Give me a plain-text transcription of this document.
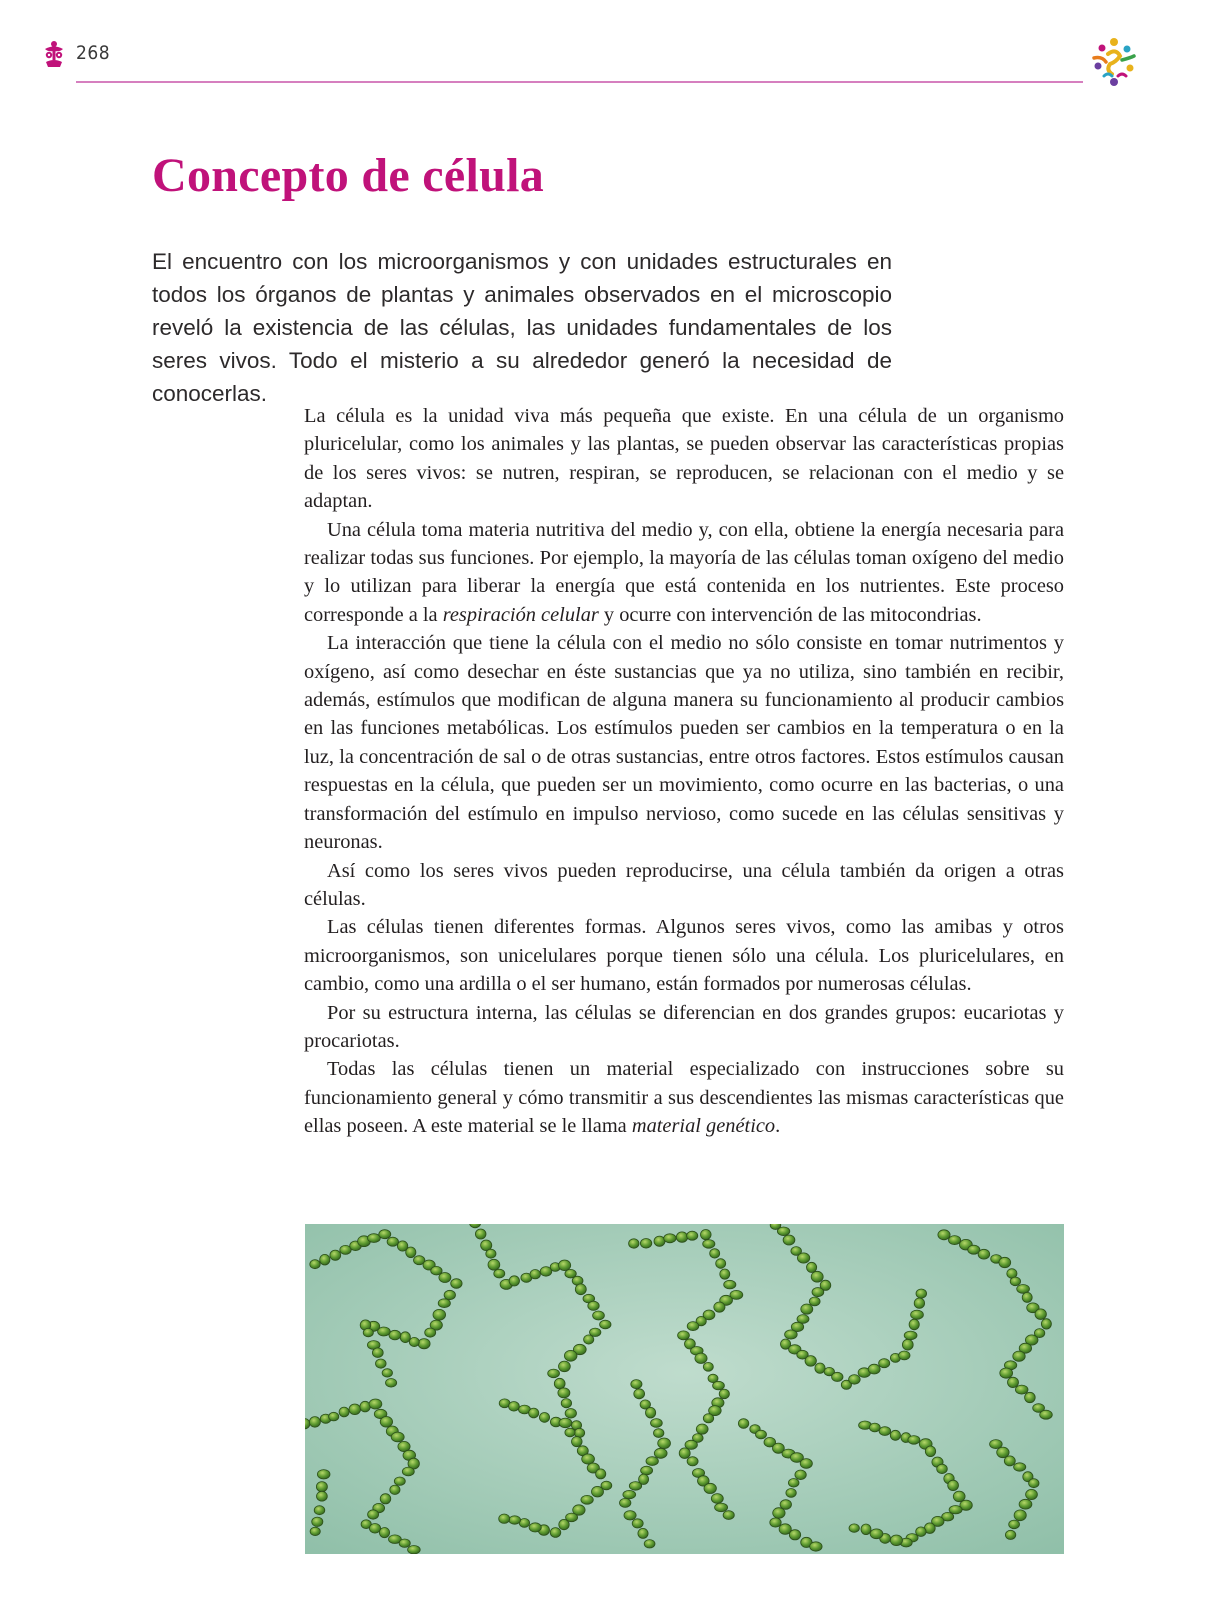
268
Concepto de célula

El encuentro con los microorganismos y con unidades estructurales en todos los órganos de plantas y animales observados en el microscopio reveló la existencia de las células, las unidades fundamentales de los seres vivos. Todo el misterio a su alrededor generó la necesidad de conocerlas.

La célula es la unidad viva más pequeña que existe. En una célula de un organismo pluricelular, como los animales y las plantas, se pueden observar las características propias de los seres vivos: se nutren, respiran, se reproducen, se relacionan con el medio y se adaptan.

Una célula toma materia nutritiva del medio y, con ella, obtiene la energía necesaria para realizar todas sus funciones. Por ejemplo, la mayoría de las células toman oxígeno del medio y lo utilizan para liberar la energía que está contenida en los nutrientes. Este proceso corresponde a la respiración celular y ocurre con intervención de las mitocondrias.

La interacción que tiene la célula con el medio no sólo consiste en tomar nutrimentos y oxígeno, así como desechar en éste sustancias que ya no utiliza, sino también en recibir, además, estímulos que modifican de alguna manera su funcionamiento al producir cambios en las funciones metabólicas. Los estímulos pueden ser cambios en la temperatura o en la luz, la concentración de sal o de otras sustancias, entre otros factores. Estos estímulos causan respuestas en la célula, que pueden ser un movimiento, como ocurre en las bacterias, o una transformación del estímulo en impulso nervioso, como sucede en las células sensitivas y neuronas.

Así como los seres vivos pueden reproducirse, una célula también da origen a otras células.

Las células tienen diferentes formas. Algunos seres vivos, como las amibas y otros microorganismos, son unicelulares porque tienen sólo una célula. Los pluricelulares, en cambio, como una ardilla o el ser humano, están formados por numerosas células.

Por su estructura interna, las células se diferencian en dos grandes grupos: eucariotas y procariotas.

Todas las células tienen un material especializado con instrucciones sobre su funcionamiento general y cómo transmitir a sus descendientes las mismas características que ellas poseen. A este material se le llama material genético.
